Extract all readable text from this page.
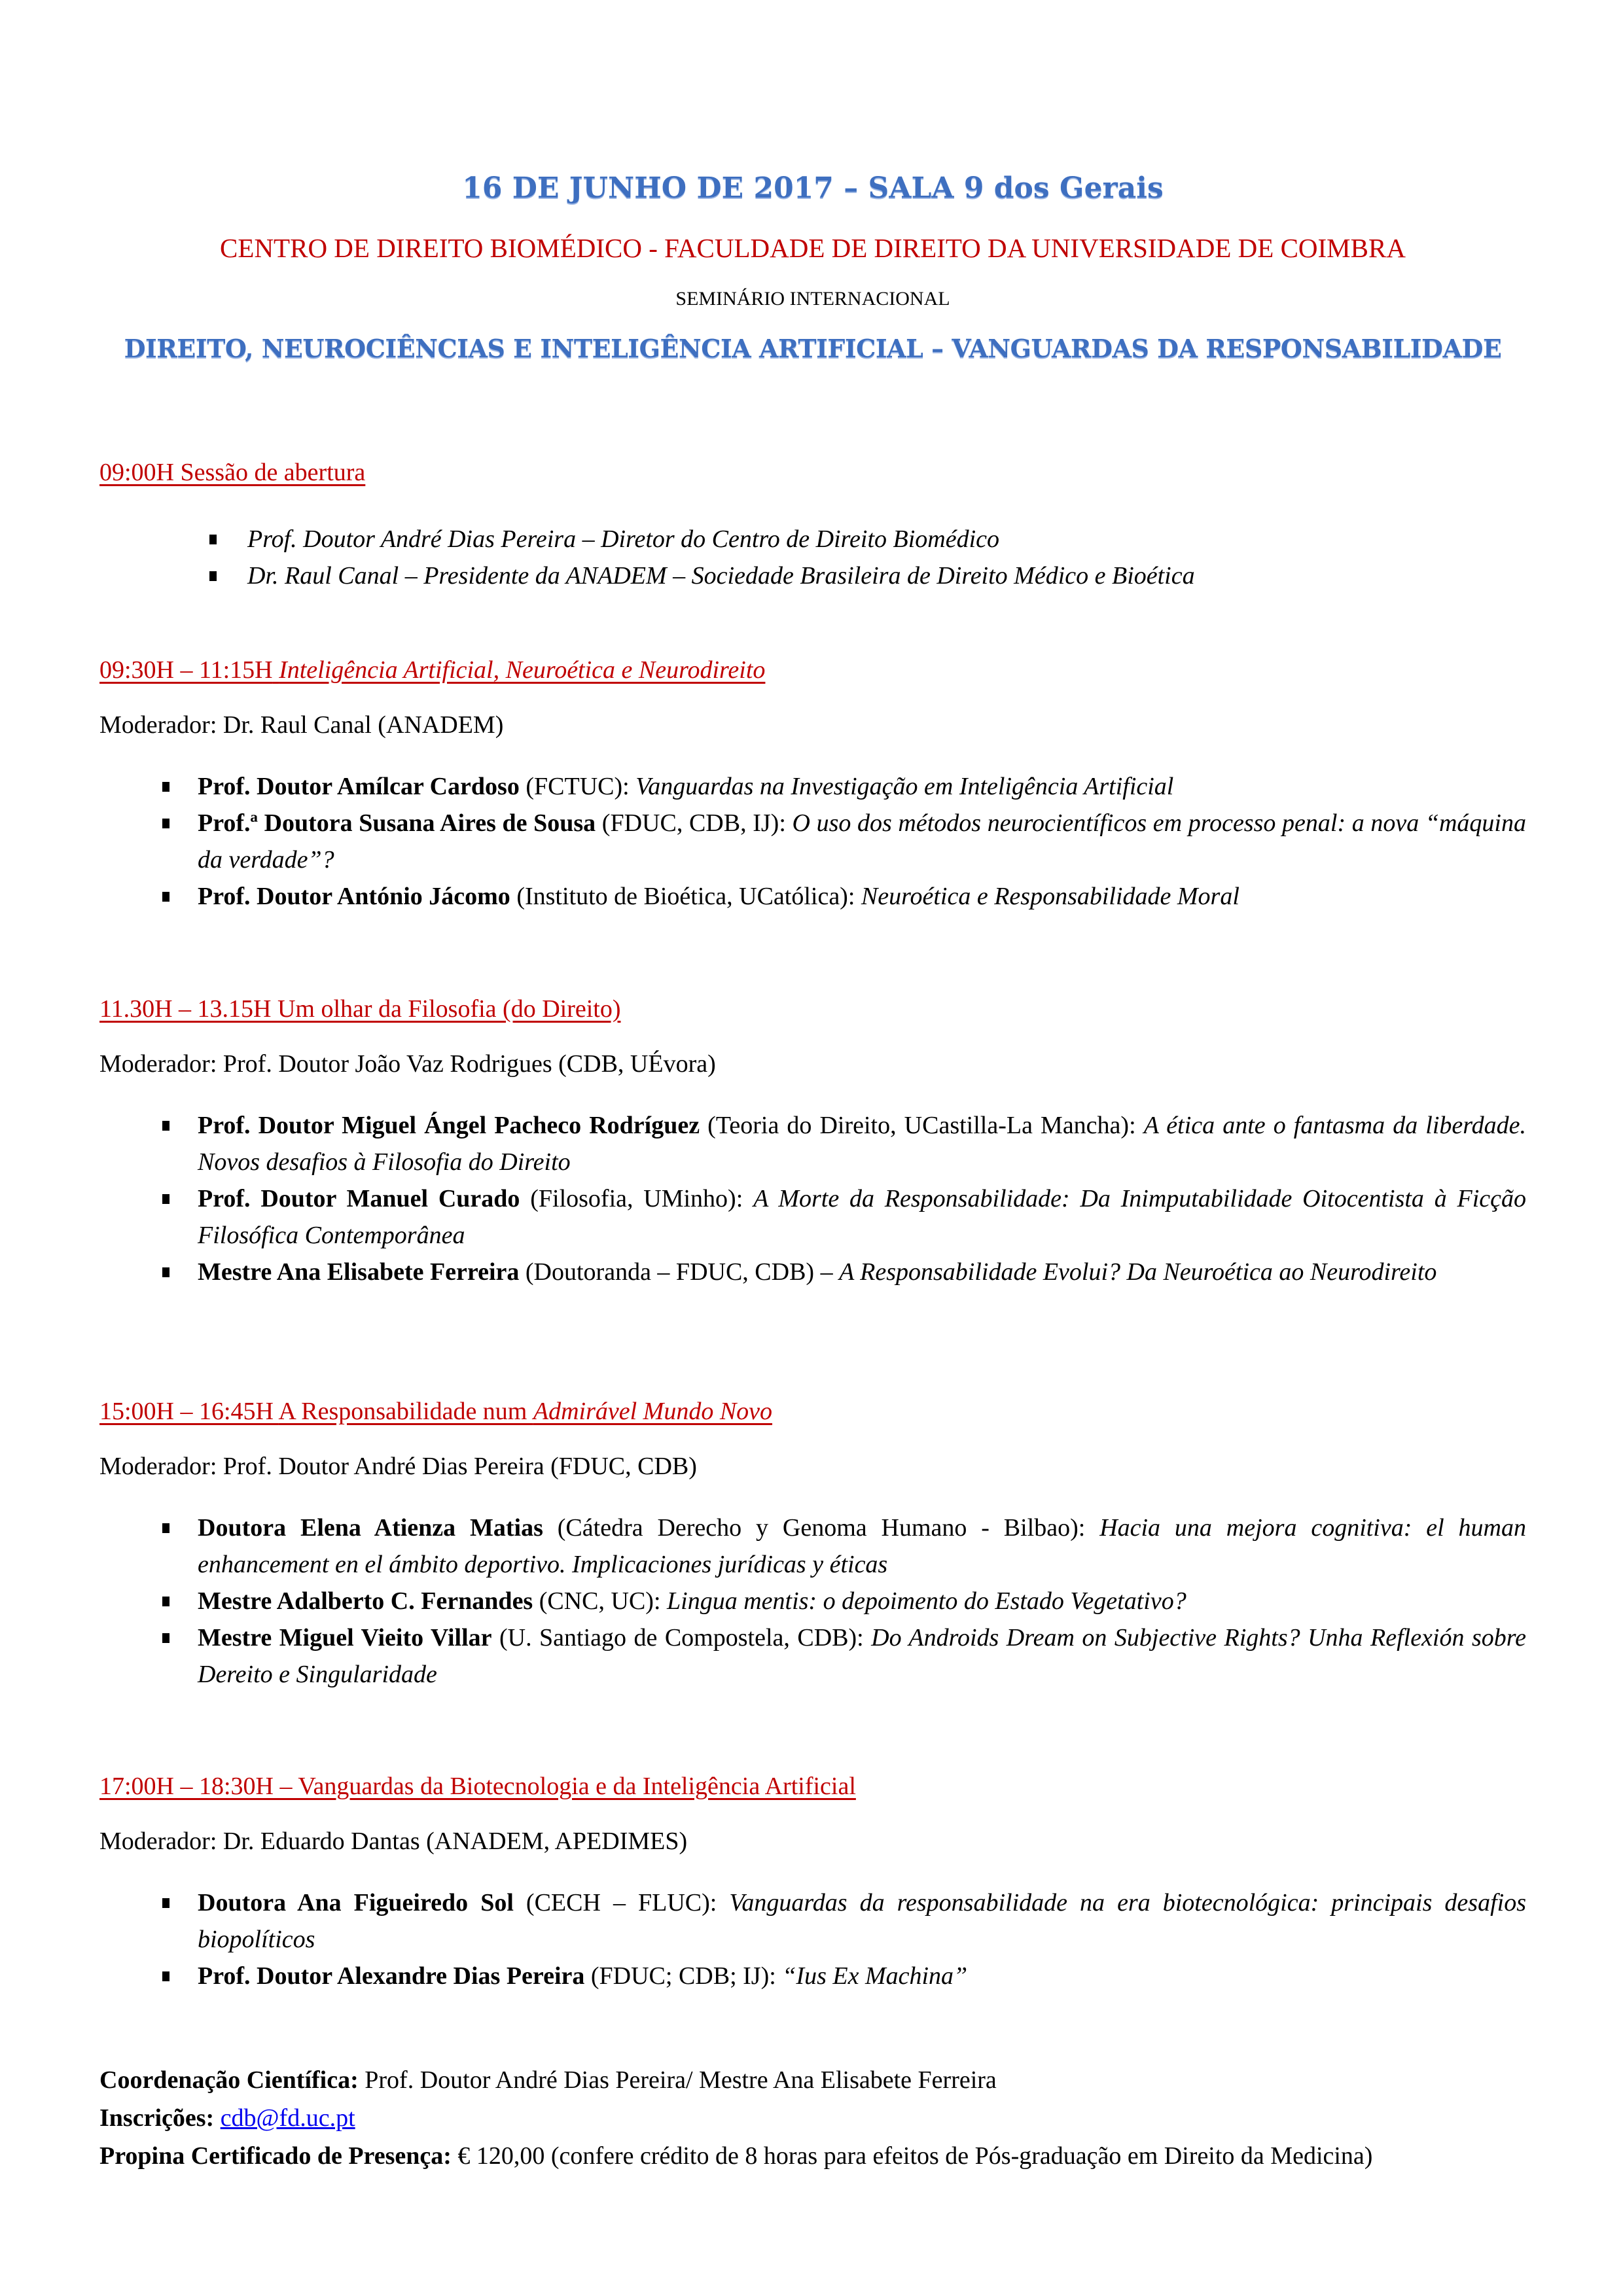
16 DE JUNHO DE 2017 – SALA 9 dos Gerais
CENTRO DE DIREITO BIOMÉDICO - FACULDADE DE DIREITO DA UNIVERSIDADE DE COIMBRA
SEMINÁRIO INTERNACIONAL
DIREITO, NEUROCIÊNCIAS E INTELIGÊNCIA ARTIFICIAL – VANGUARDAS DA RESPONSABILIDADE
09:00H Sessão de abertura
Prof. Doutor André Dias Pereira – Diretor do Centro de Direito Biomédico
Dr. Raul Canal – Presidente da ANADEM – Sociedade Brasileira de Direito Médico e Bioética
09:30H – 11:15H Inteligência Artificial, Neuroética e Neurodireito
Moderador: Dr. Raul Canal (ANADEM)
Prof. Doutor Amílcar Cardoso (FCTUC): Vanguardas na Investigação em Inteligência Artificial
Prof.ª Doutora Susana Aires de Sousa (FDUC, CDB, IJ): O uso dos métodos neurocientíficos em processo penal: a nova “máquina da verdade”?
Prof. Doutor António Jácomo (Instituto de Bioética, UCatólica): Neuroética e Responsabilidade Moral
11.30H – 13.15H Um olhar da Filosofia (do Direito)
Moderador: Prof. Doutor João Vaz Rodrigues (CDB, UÉvora)
Prof. Doutor Miguel Ángel Pacheco Rodríguez (Teoria do Direito, UCastilla-La Mancha): A ética ante o fantasma da liberdade. Novos desafios à Filosofia do Direito
Prof. Doutor Manuel Curado (Filosofia, UMinho): A Morte da Responsabilidade: Da Inimputabilidade Oitocentista à Ficção Filosófica Contemporânea
Mestre Ana Elisabete Ferreira (Doutoranda – FDUC, CDB) – A Responsabilidade Evolui? Da Neuroética ao Neurodireito
15:00H – 16:45H A Responsabilidade num Admirável Mundo Novo
Moderador: Prof. Doutor André Dias Pereira (FDUC, CDB)
Doutora Elena Atienza Matias (Cátedra Derecho y Genoma Humano - Bilbao): Hacia una mejora cognitiva: el human enhancement en el ámbito deportivo. Implicaciones jurídicas y éticas
Mestre Adalberto C. Fernandes (CNC, UC): Lingua mentis: o depoimento do Estado Vegetativo?
Mestre Miguel Vieito Villar (U. Santiago de Compostela, CDB): Do Androids Dream on Subjective Rights? Unha Reflexión sobre Dereito e Singularidade
17:00H – 18:30H – Vanguardas da Biotecnologia e da Inteligência Artificial
Moderador: Dr. Eduardo Dantas (ANADEM, APEDIMES)
Doutora Ana Figueiredo Sol (CECH – FLUC): Vanguardas da responsabilidade na era biotecnológica: principais desafios biopolíticos
Prof. Doutor Alexandre Dias Pereira (FDUC; CDB; IJ): “Ius Ex Machina”
Coordenação Científica: Prof. Doutor André Dias Pereira/ Mestre Ana Elisabete Ferreira
Inscrições: cdb@fd.uc.pt
Propina Certificado de Presença: € 120,00 (confere crédito de 8 horas para efeitos de Pós-graduação em Direito da Medicina)
